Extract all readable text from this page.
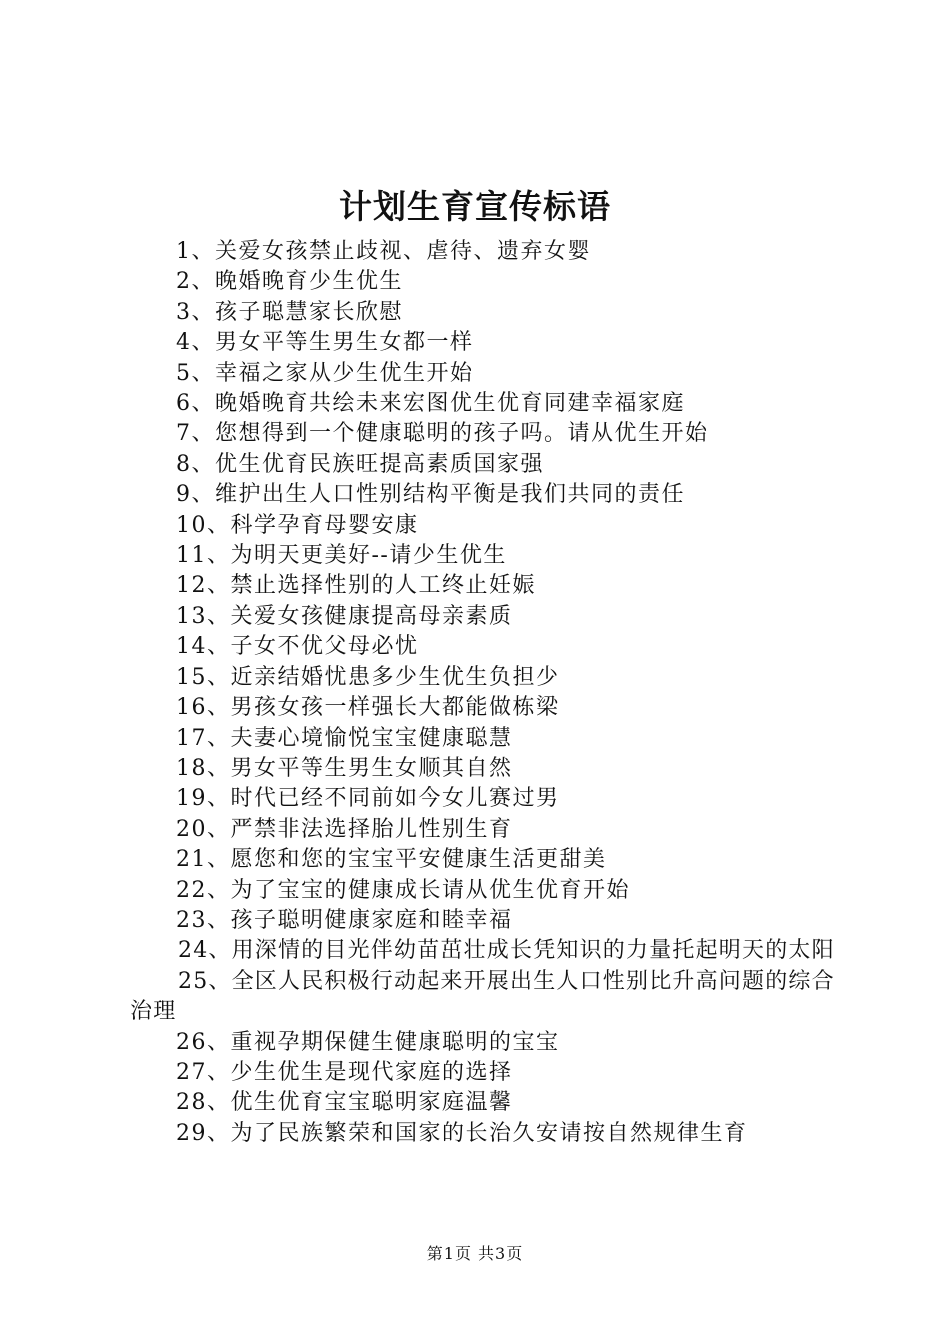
计划生育宣传标语
1、关爱女孩禁止歧视、虐待、遗弃女婴
2、晚婚晚育少生优生
3、孩子聪慧家长欣慰
4、男女平等生男生女都一样
5、幸福之家从少生优生开始
6、晚婚晚育共绘未来宏图优生优育同建幸福家庭
7、您想得到一个健康聪明的孩子吗。请从优生开始
8、优生优育民族旺提高素质国家强
9、维护出生人口性别结构平衡是我们共同的责任
10、科学孕育母婴安康
11、为明天更美好--请少生优生
12、禁止选择性别的人工终止妊娠
13、关爱女孩健康提高母亲素质
14、子女不优父母必忧
15、近亲结婚忧患多少生优生负担少
16、男孩女孩一样强长大都能做栋梁
17、夫妻心境愉悦宝宝健康聪慧
18、男女平等生男生女顺其自然
19、时代已经不同前如今女儿赛过男
20、严禁非法选择胎儿性别生育
21、愿您和您的宝宝平安健康生活更甜美
22、为了宝宝的健康成长请从优生优育开始
23、孩子聪明健康家庭和睦幸福
24、用深情的目光伴幼苗茁壮成长凭知识的力量托起明天的太阳
25、全区人民积极行动起来开展出生人口性别比升高问题的综合治理
26、重视孕期保健生健康聪明的宝宝
27、少生优生是现代家庭的选择
28、优生优育宝宝聪明家庭温馨
29、为了民族繁荣和国家的长治久安请按自然规律生育
第1页 共3页
